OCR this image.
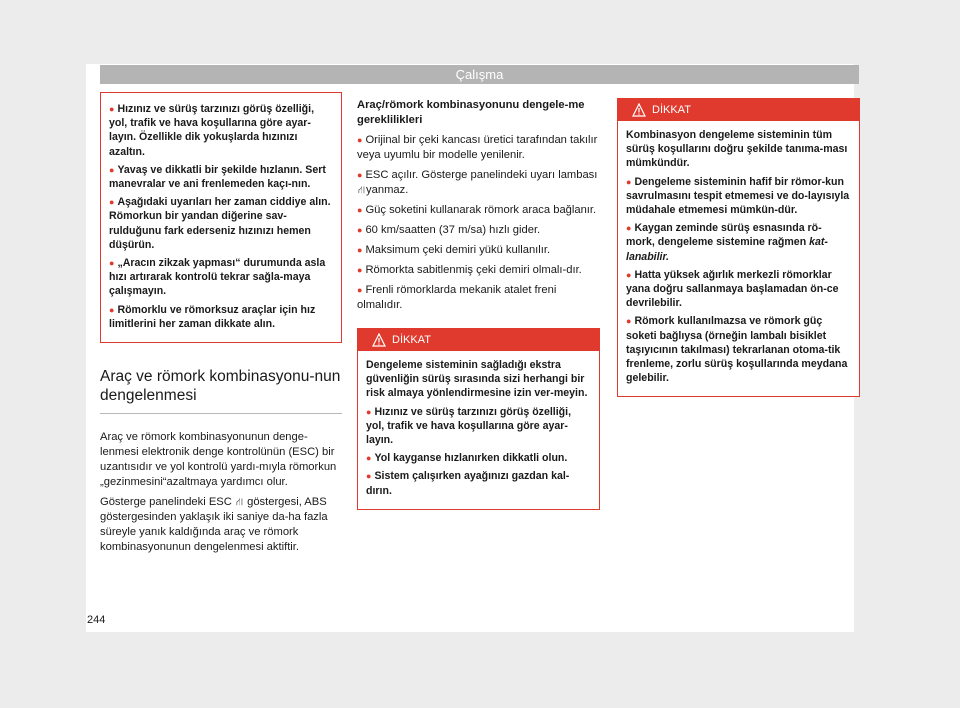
Çalışma

● Hızınız ve sürüş tarzınızı görüş özelliği, yol, trafik ve hava koşullarına göre ayar-layın. Özellikle dik yokuşlarda hızınızı azaltın.

● Yavaş ve dikkatli bir şekilde hızlanın. Sert manevralar ve ani frenlemeden kaçı-nın.

● Aşağıdaki uyarıları her zaman ciddiye alın. Römorkun bir yandan diğerine sav-rulduğunu fark ederseniz hızınızı hemen düşürün.

● „Aracın zikzak yapması“ durumunda asla hızı artırarak kontrolü tekrar sağla-maya çalışmayın.

● Römorklu ve römorksuz araçlar için hız limitlerini her zaman dikkate alın.

Araç ve römork kombinasyonu-nun dengelenmesi

Araç ve römork kombinasyonunun denge-lenmesi elektronik denge kontrolünün (ESC) bir uzantısıdır ve yol kontrolü yardı-mıyla römorkun „gezinmesini“azaltmaya yardımcı olur.

Gösterge panelindeki ESC ⛙ göstergesi, ABS göstergesinden yaklaşık iki saniye da-ha fazla süreyle yanık kaldığında araç ve römork kombinasyonunun dengelenmesi aktiftir.

Araç/römork kombinasyonunu dengele-me gereklilikleri

● Orijinal bir çeki kancası üretici tarafından takılır veya uyumlu bir modelle yenilenir.

● ESC açılır. Gösterge panelindeki uyarı lambası⛙yanmaz.

● Güç soketini kullanarak römork araca bağlanır.

● 60 km/saatten (37 m/sa) hızlı gider.

● Maksimum çeki demiri yükü kullanılır.

● Römorkta sabitlenmiş çeki demiri olmalı-dır.

● Frenli römorklarda mekanik atalet freni olmalıdır.

DİKKAT

Dengeleme sisteminin sağladığı ekstra güvenliğin sürüş sırasında sizi herhangi bir risk almaya yönlendirmesine izin ver-meyin.

● Hızınız ve sürüş tarzınızı görüş özelliği, yol, trafik ve hava koşullarına göre ayar-layın.

● Yol kayganse hızlanırken dikkatli olun.

● Sistem çalışırken ayağınızı gazdan kal-dırın.

DİKKAT

Kombinasyon dengeleme sisteminin tüm sürüş koşullarını doğru şekilde tanıma-ması mümkündür.

● Dengeleme sisteminin hafif bir römor-kun savrulmasını tespit etmemesi ve do-layısıyla müdahale etmemesi mümkün-dür.

● Kaygan zeminde sürüş esnasında rö-mork, dengeleme sistemine rağmen kat-lanabilir.

● Hatta yüksek ağırlık merkezli römorklar yana doğru sallanmaya başlamadan ön-ce devrilebilir.

● Römork kullanılmazsa ve römork güç soketi bağlıysa (örneğin lambalı bisiklet taşıyıcının takılması) tekrarlanan otoma-tik frenleme, zorlu sürüş koşullarında meydana gelebilir.

244
